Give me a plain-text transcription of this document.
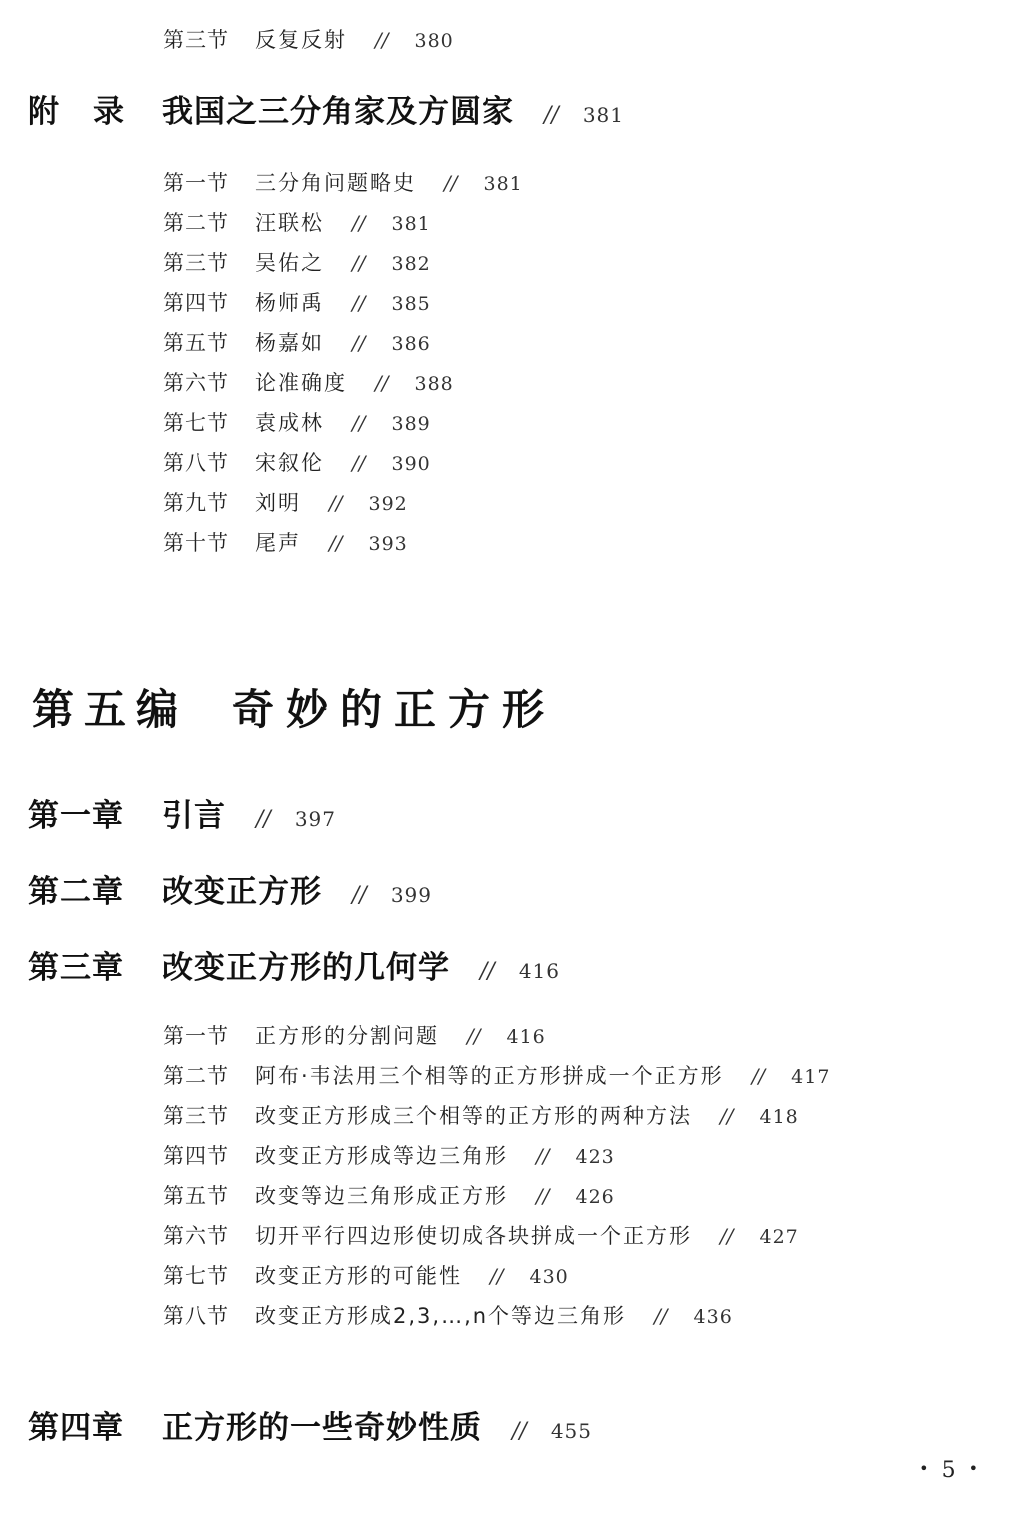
第三节 反复反射 // 380
附录 我国之三分角家及方圆家 // 381
第一节 三分角问题略史 // 381
第二节 汪联松 // 381
第三节 吴佑之 // 382
第四节 杨师禹 // 385
第五节 杨嘉如 // 386
第六节 论准确度 // 388
第七节 袁成林 // 389
第八节 宋叙伦 // 390
第九节 刘明 // 392
第十节 尾声 // 393
第五编 奇妙的正方形
第一章 引言 // 397
第二章 改变正方形 // 399
第三章 改变正方形的几何学 // 416
第一节 正方形的分割问题 // 416
第二节 阿布·韦法用三个相等的正方形拼成一个正方形 // 417
第三节 改变正方形成三个相等的正方形的两种方法 // 418
第四节 改变正方形成等边三角形 // 423
第五节 改变等边三角形成正方形 // 426
第六节 切开平行四边形使切成各块拼成一个正方形 // 427
第七节 改变正方形的可能性 // 430
第八节 改变正方形成2,3,…,n个等边三角形 // 436
第四章 正方形的一些奇妙性质 // 455
• 5 •
